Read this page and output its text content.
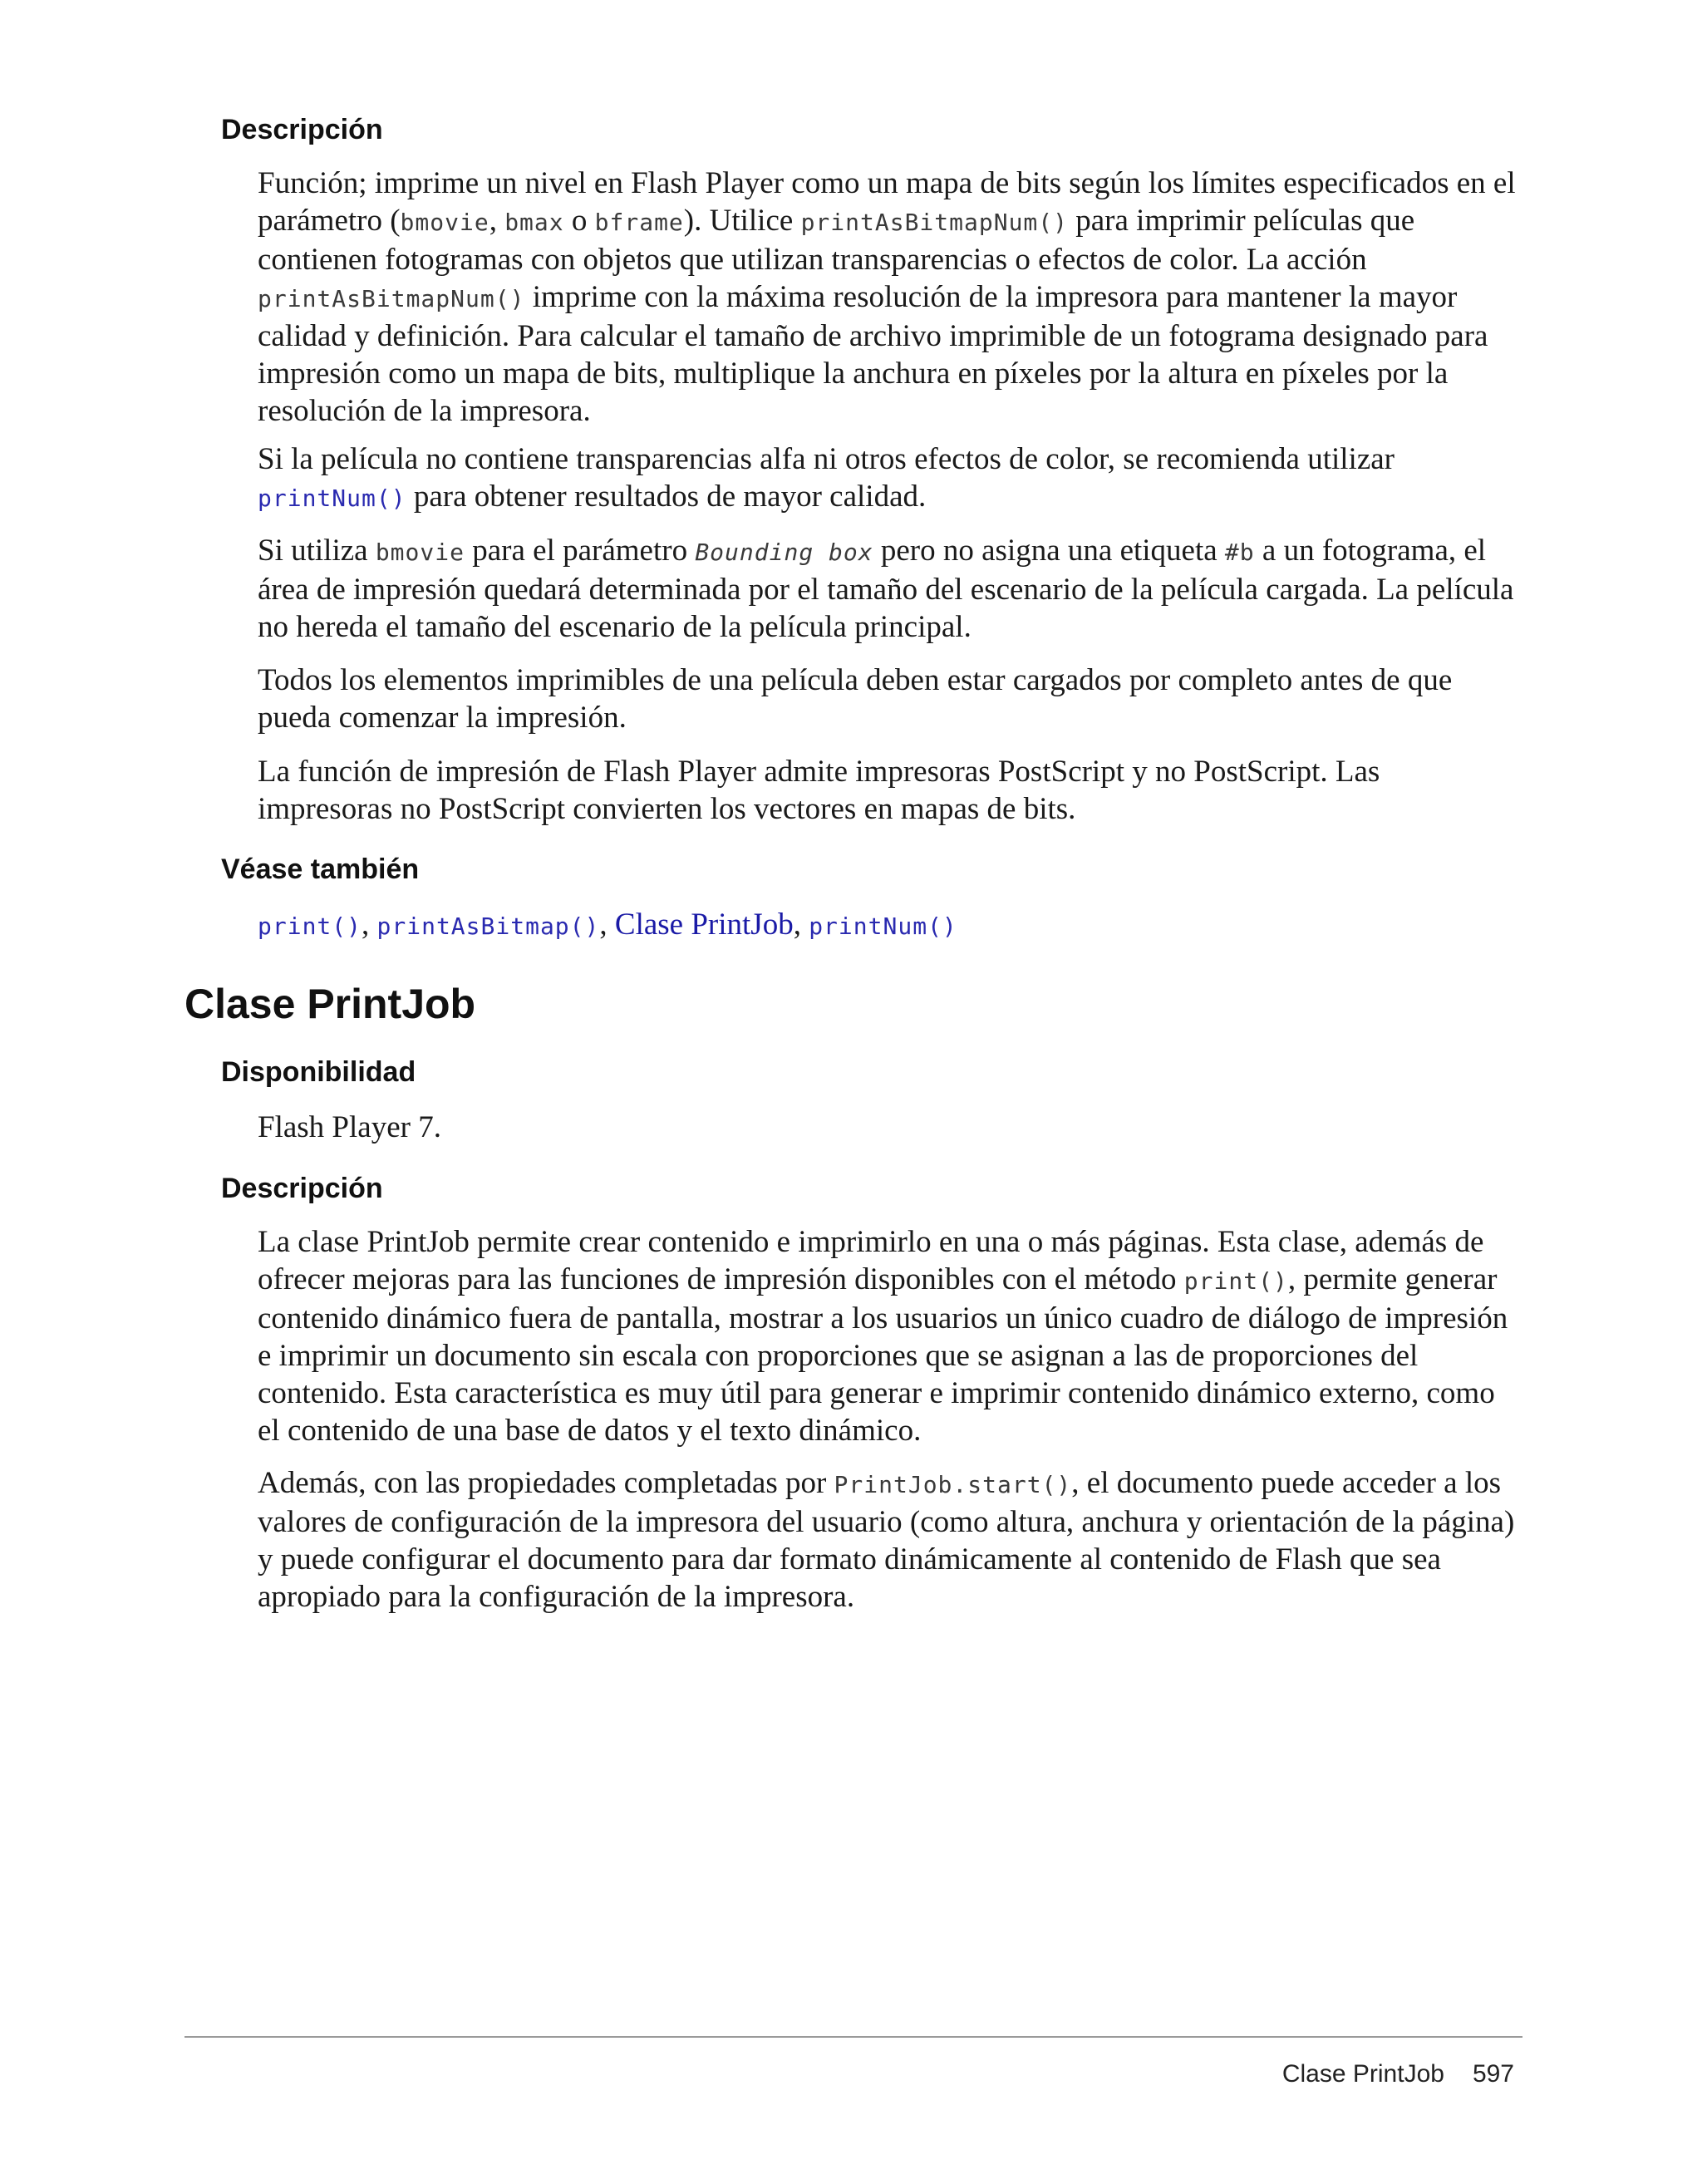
Descripción

Función; imprime un nivel en Flash Player como un mapa de bits según los límites especificados en el parámetro (bmovie, bmax o bframe). Utilice printAsBitmapNum() para imprimir películas que contienen fotogramas con objetos que utilizan transparencias o efectos de color. La acción printAsBitmapNum() imprime con la máxima resolución de la impresora para mantener la mayor calidad y definición. Para calcular el tamaño de archivo imprimible de un fotograma designado para impresión como un mapa de bits, multiplique la anchura en píxeles por la altura en píxeles por la resolución de la impresora.

Si la película no contiene transparencias alfa ni otros efectos de color, se recomienda utilizar printNum() para obtener resultados de mayor calidad.

Si utiliza bmovie para el parámetro Bounding box pero no asigna una etiqueta #b a un fotograma, el área de impresión quedará determinada por el tamaño del escenario de la película cargada. La película no hereda el tamaño del escenario de la película principal.

Todos los elementos imprimibles de una película deben estar cargados por completo antes de que pueda comenzar la impresión.

La función de impresión de Flash Player admite impresoras PostScript y no PostScript. Las impresoras no PostScript convierten los vectores en mapas de bits.

Véase también

print(), printAsBitmap(), Clase PrintJob, printNum()

Clase PrintJob
Disponibilidad

Flash Player 7.

Descripción

La clase PrintJob permite crear contenido e imprimirlo en una o más páginas. Esta clase, además de ofrecer mejoras para las funciones de impresión disponibles con el método print(), permite generar contenido dinámico fuera de pantalla, mostrar a los usuarios un único cuadro de diálogo de impresión e imprimir un documento sin escala con proporciones que se asignan a las de proporciones del contenido. Esta característica es muy útil para generar e imprimir contenido dinámico externo, como el contenido de una base de datos y el texto dinámico.

Además, con las propiedades completadas por PrintJob.start(), el documento puede acceder a los valores de configuración de la impresora del usuario (como altura, anchura y orientación de la página) y puede configurar el documento para dar formato dinámicamente al contenido de Flash que sea apropiado para la configuración de la impresora.

Clase PrintJob 597
